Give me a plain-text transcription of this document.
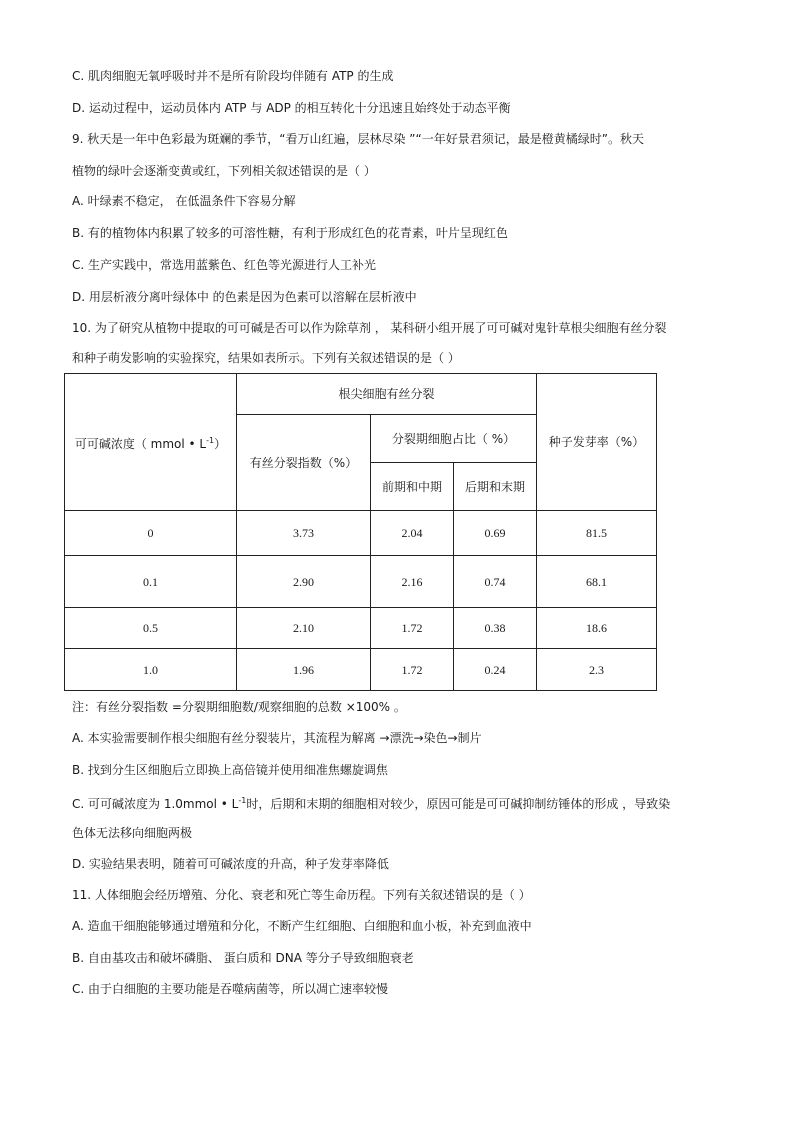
C. 肌肉细胞无氧呼吸时并不是所有阶段均伴随有 ATP 的生成
D. 运动过程中，运动员体内 ATP 与 ADP 的相互转化十分迅速且始终处于动态平衡
9. 秋天是一年中色彩最为斑斓的季节，“看万山红遍，层林尽染 ”“一年好景君须记，最是橙黄橘绿时”。秋天
植物的绿叶会逐渐变黄或红，下列相关叙述错误的是（ ）
A. 叶绿素不稳定， 在低温条件下容易分解
B. 有的植物体内积累了较多的可溶性糖，有利于形成红色的花青素，叶片呈现红色
C. 生产实践中，常选用蓝紫色、红色等光源进行人工补光
D. 用层析液分离叶绿体中 的色素是因为色素可以溶解在层析液中
10. 为了研究从植物中提取的可可碱是否可以作为除草剂 ， 某科研小组开展了可可碱对鬼针草根尖细胞有丝分裂
和种子萌发影响的实验探究，结果如表所示。下列有关叙述错误的是（ ）
可可碱浓度（ mmol • $L^{-1}$）	根尖细胞有丝分裂			种子发芽率（%）
	有丝分裂指数（%）	分裂期细胞占比（ %）		
		前期和中期	后期和末期	
0	3.73	2.04	0.69	81.5
0.1	2.90	2.16	0.74	68.1
0.5	2.10	1.72	0.38	18.6
1.0	1.96	1.72	0.24	2.3
注：有丝分裂指数 =分裂期细胞数/观察细胞的总数 ×100% 。
A. 本实验需要制作根尖细胞有丝分裂装片，其流程为解离 →漂洗→染色→制片
B. 找到分生区细胞后立即换上高倍镜并使用细准焦螺旋调焦
C. 可可碱浓度为 1.0mmol • $L^{-1}$时，后期和末期的细胞相对较少，原因可能是可可碱抑制纺锤体的形成 ，导致染
色体无法移向细胞两极
D. 实验结果表明，随着可可碱浓度的升高，种子发芽率降低
11. 人体细胞会经历增殖、分化、衰老和死亡等生命历程。下列有关叙述错误的是（ ）
A. 造血干细胞能够通过增殖和分化，不断产生红细胞、白细胞和血小板，补充到血液中
B. 自由基攻击和破坏磷脂、 蛋白质和 DNA 等分子导致细胞衰老
C. 由于白细胞的主要功能是吞噬病菌等，所以凋亡速率较慢
